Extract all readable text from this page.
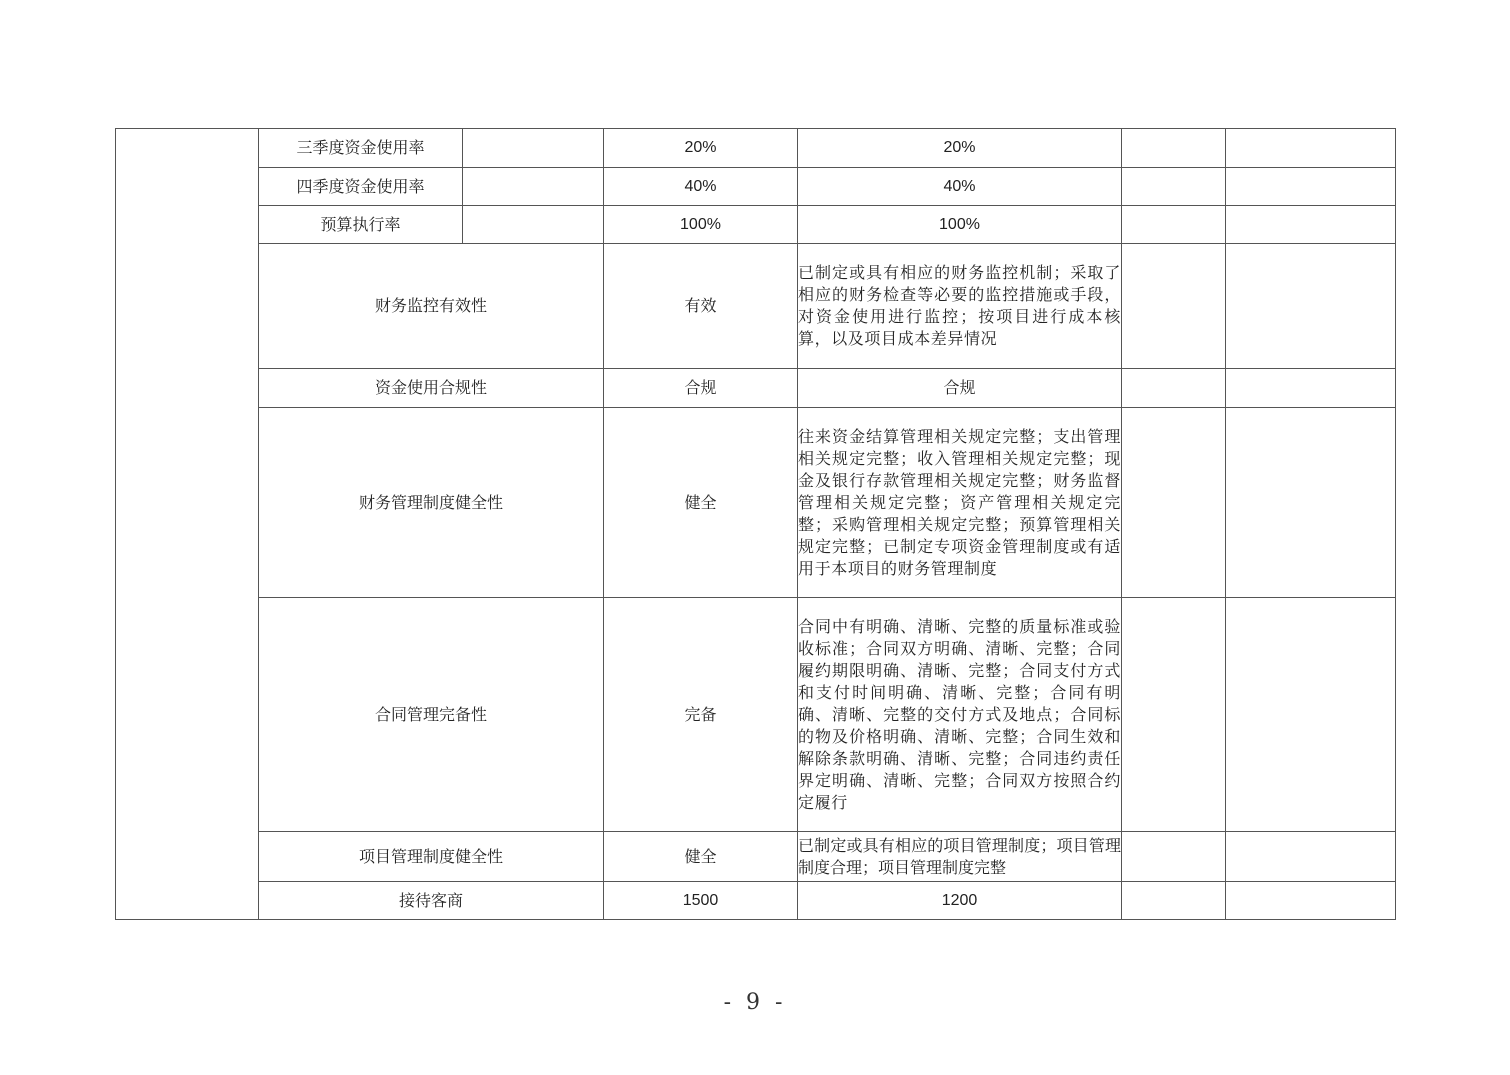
	三季度资金使用率		20%	20%		
	四季度资金使用率		40%	40%		
	预算执行率		100%	100%		
	财务监控有效性		有效	已制定或具有相应的财务监控机制；采取了相应的财务检查等必要的监控措施或手段，对资金使用进行监控；按项目进行成本核算，以及项目成本差异情况		
	资金使用合规性		合规	合规		
	财务管理制度健全性		健全	往来资金结算管理相关规定完整；支出管理相关规定完整；收入管理相关规定完整；现金及银行存款管理相关规定完整；财务监督管理相关规定完整；资产管理相关规定完整；采购管理相关规定完整；预算管理相关规定完整；已制定专项资金管理制度或有适用于本项目的财务管理制度		
	合同管理完备性		完备	合同中有明确、清晰、完整的质量标准或验收标准；合同双方明确、清晰、完整；合同履约期限明确、清晰、完整；合同支付方式和支付时间明确、清晰、完整；合同有明确、清晰、完整的交付方式及地点；合同标的物及价格明确、清晰、完整；合同生效和解除条款明确、清晰、完整；合同违约责任界定明确、清晰、完整；合同双方按照合约定履行		
	项目管理制度健全性		健全	已制定或具有相应的项目管理制度；项目管理制度合理；项目管理制度完整		
	接待客商		1500	1200		
- 9 -
